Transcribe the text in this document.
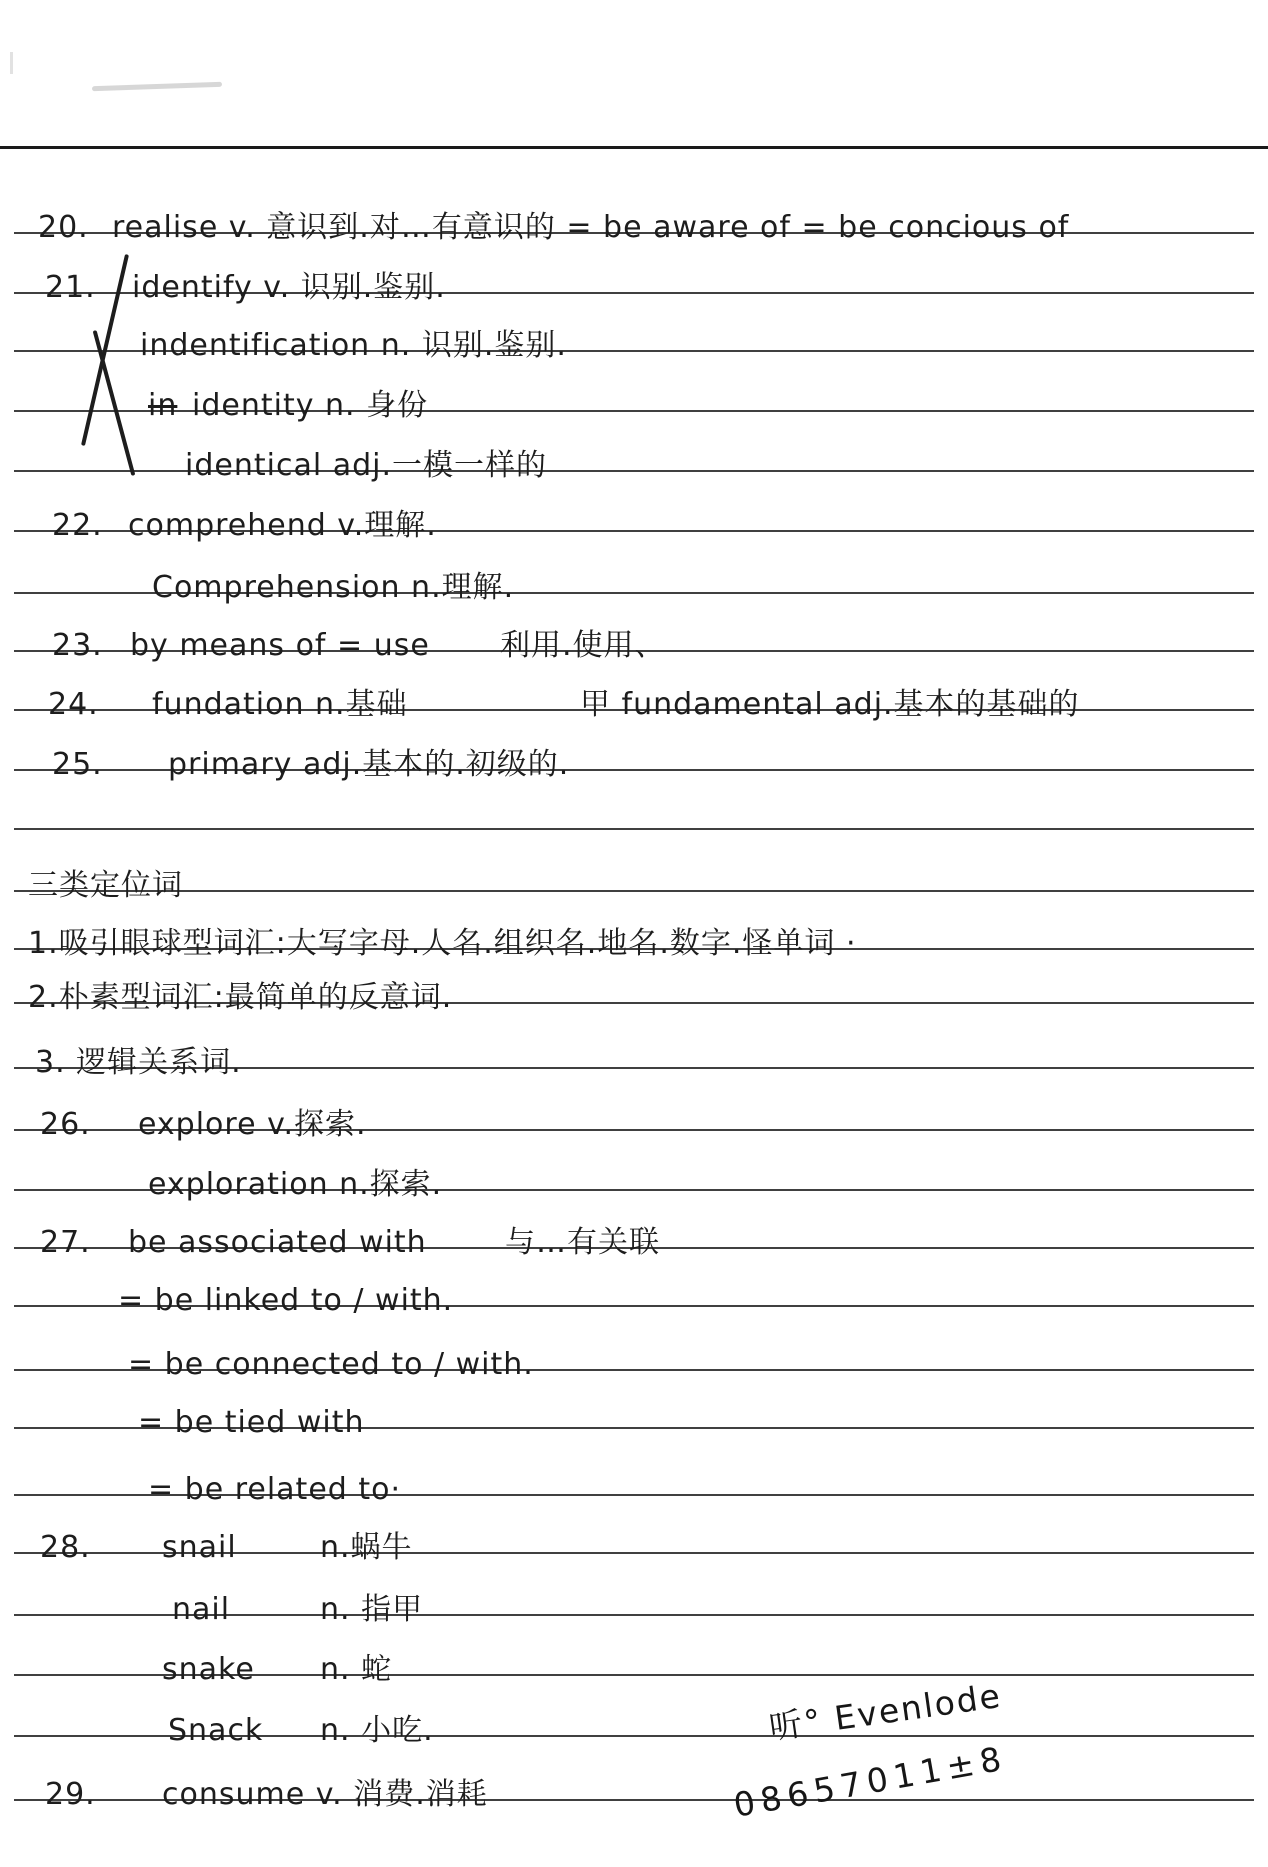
20. realise v. 意识到.对…有意识的 = be aware of = be concious of
21. identify v. 识别.鉴别.
indentification n. 识别.鉴别.
in identity n. 身份
identical adj.一模一样的
22. comprehend v.理解.
Comprehension n.理解.
23. by means of = use 利用.使用、
24. fundation n.基础	甲 fundamental adj.基本的基础的
25. primary adj.基本的.初级的.
三类定位词
1.吸引眼球型词汇:大写字母.人名.组织名.地名.数字.怪单词 ·
2.朴素型词汇:最简单的反意词.
3. 逻辑关系词.
26. explore v.探索.
exploration n.探索.
27. be associated with	与…有关联
= be linked to / with.
= be connected to / with.
= be tied with
= be related to·
28. snail	n.蜗牛
nail	n. 指甲
snake n. 蛇
Snack n. 小吃.
29. consume v. 消费.消耗
听° Evenlode
08657011±8
